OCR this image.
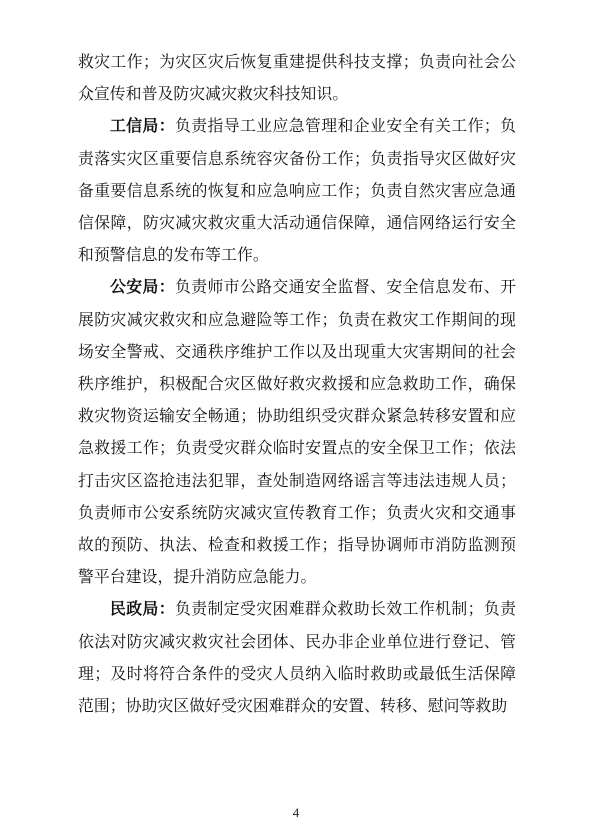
救灾工作；为灾区灾后恢复重建提供科技支撑；负责向社会公众宣传和普及防灾减灾救灾科技知识。

工信局：负责指导工业应急管理和企业安全有关工作；负责落实灾区重要信息系统容灾备份工作；负责指导灾区做好灾备重要信息系统的恢复和应急响应工作；负责自然灾害应急通信保障，防灾减灾救灾重大活动通信保障，通信网络运行安全和预警信息的发布等工作。

公安局：负责师市公路交通安全监督、安全信息发布、开展防灾减灾救灾和应急避险等工作；负责在救灾工作期间的现场安全警戒、交通秩序维护工作以及出现重大灾害期间的社会秩序维护，积极配合灾区做好救灾救援和应急救助工作，确保救灾物资运输安全畅通；协助组织受灾群众紧急转移安置和应急救援工作；负责受灾群众临时安置点的安全保卫工作；依法打击灾区盗抢违法犯罪，查处制造网络谣言等违法违规人员；负责师市公安系统防灾减灾宣传教育工作；负责火灾和交通事故的预防、执法、检查和救援工作；指导协调师市消防监测预警平台建设，提升消防应急能力。

民政局：负责制定受灾困难群众救助长效工作机制；负责依法对防灾减灾救灾社会团体、民办非企业单位进行登记、管理；及时将符合条件的受灾人员纳入临时救助或最低生活保障范围；协助灾区做好受灾困难群众的安置、转移、慰问等救助

4
